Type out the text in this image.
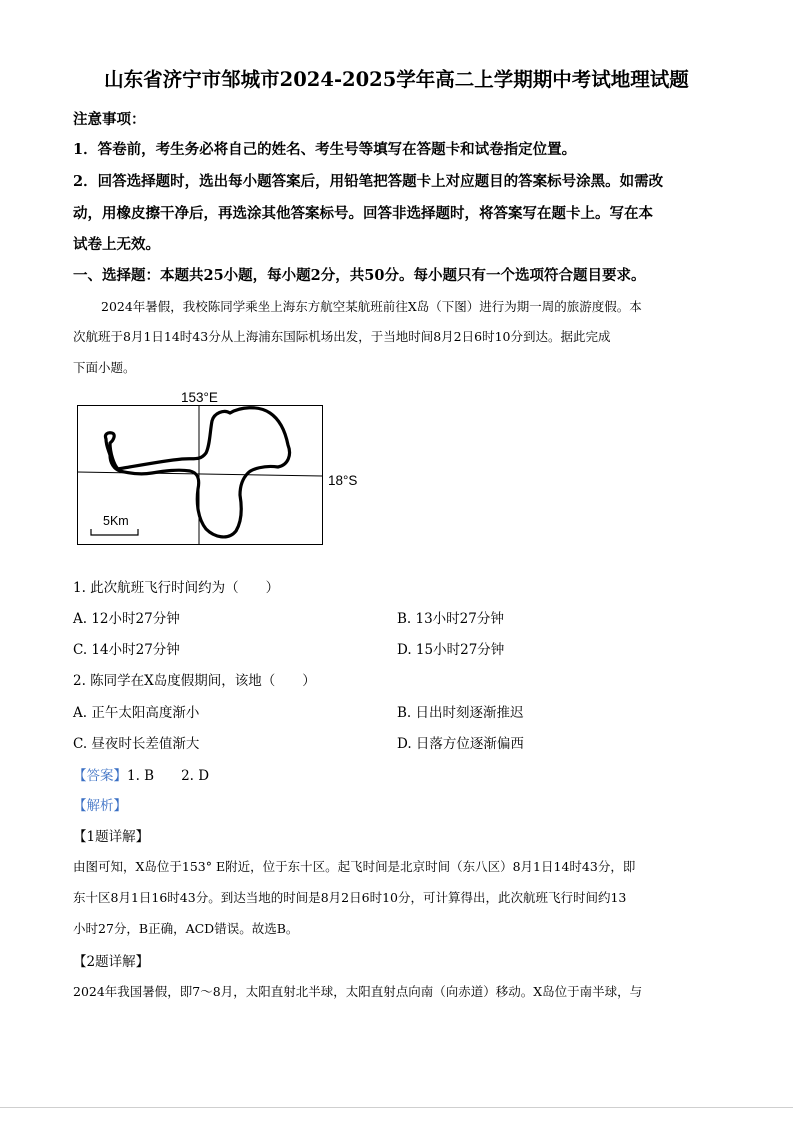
山东省济宁市邹城市2024-2025学年高二上学期期中考试地理试题
注意事项：
1．答卷前，考生务必将自己的姓名、考生号等填写在答题卡和试卷指定位置。
2．回答选择题时，选出每小题答案后，用铅笔把答题卡上对应题目的答案标号涂黑。如需改
动，用橡皮擦干净后，再选涂其他答案标号。回答非选择题时，将答案写在题卡上。写在本
试卷上无效。
一、选择题：本题共25小题，每小题2分，共50分。每小题只有一个选项符合题目要求。
2024年暑假，我校陈同学乘坐上海东方航空某航班前往X岛（下图）进行为期一周的旅游度假。本
次航班于8月1日14时43分从上海浦东国际机场出发，于当地时间8月2日6时10分到达。据此完成
下面小题。
153°E
18°S
5Km
1. 此次航班飞行时间约为（　　）
A. 12小时27分钟	B. 13小时27分钟
C. 14小时27分钟	D. 15小时27分钟
2. 陈同学在X岛度假期间，该地（　　）
A. 正午太阳高度渐小	B. 日出时刻逐渐推迟
C. 昼夜时长差值渐大	D. 日落方位逐渐偏西
【答案】1. B　　2. D
【解析】
【1题详解】
由图可知，X岛位于153° E附近，位于东十区。起飞时间是北京时间（东八区）8月1日14时43分，即
东十区8月1日16时43分。到达当地的时间是8月2日6时10分，可计算得出，此次航班飞行时间约13
小时27分，B正确，ACD错误。故选B。
【2题详解】
2024年我国暑假，即7～8月，太阳直射北半球，太阳直射点向南（向赤道）移动。X岛位于南半球，与
